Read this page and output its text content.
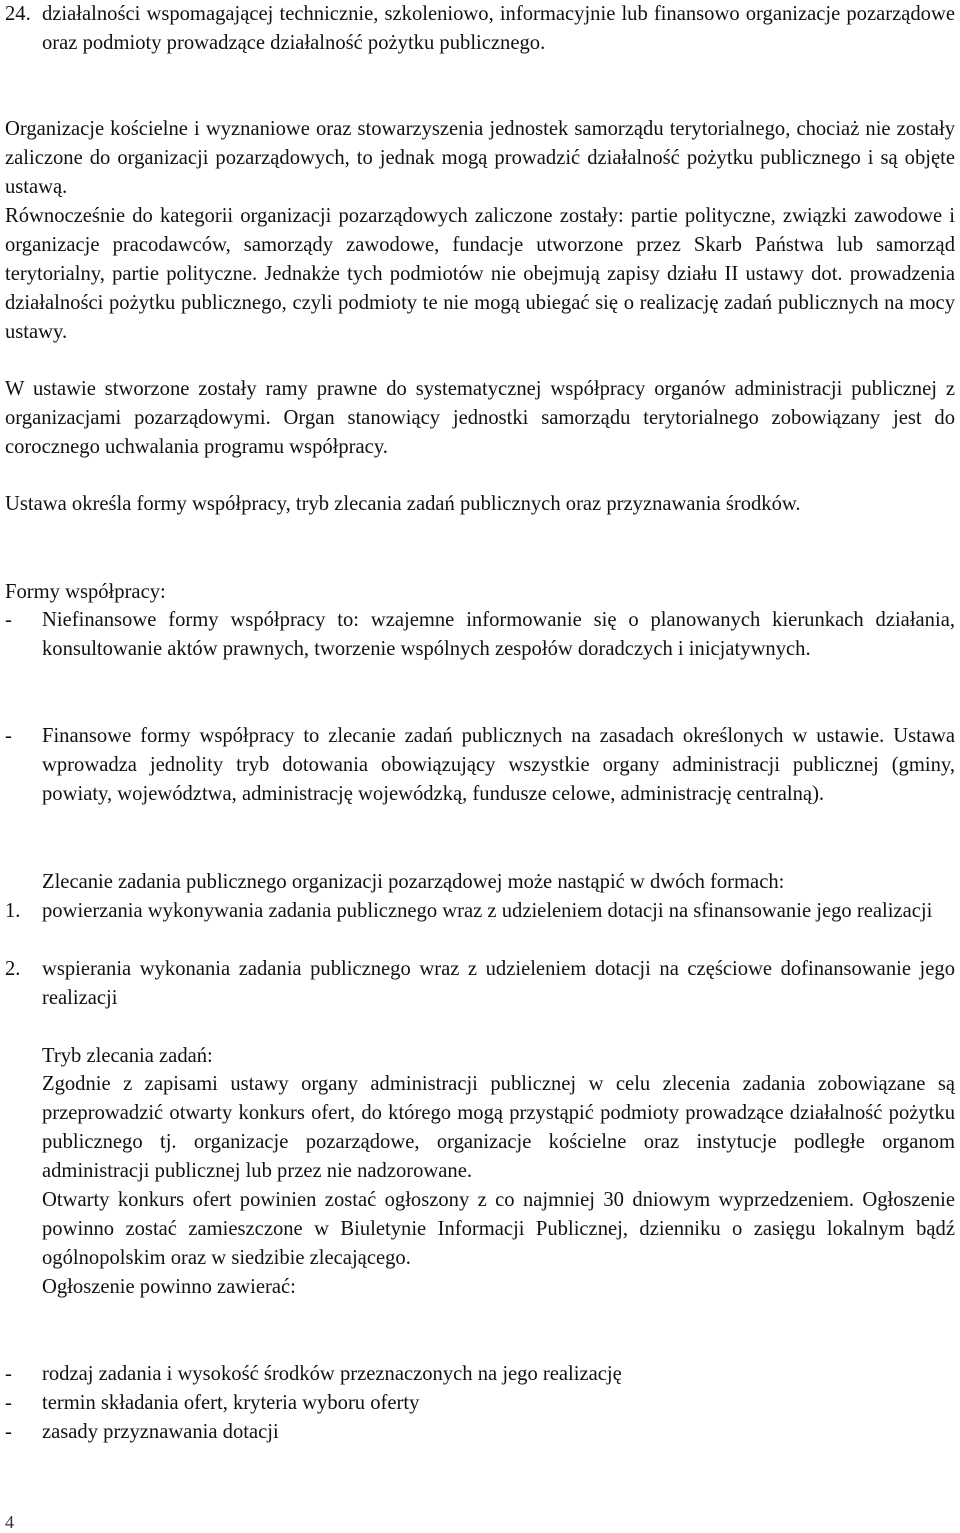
24. działalności wspomagającej technicznie, szkoleniowo, informacyjnie lub finansowo organizacje pozarządowe oraz podmioty prowadzące działalność pożytku publicznego.

Organizacje kościelne i wyznaniowe oraz stowarzyszenia jednostek samorządu terytorialnego, chociaż nie zostały zaliczone do organizacji pozarządowych, to jednak mogą prowadzić działalność pożytku publicznego i są objęte ustawą.

Równocześnie do kategorii organizacji pozarządowych zaliczone zostały: partie polityczne, związki zawodowe i organizacje pracodawców, samorządy zawodowe, fundacje utworzone przez Skarb Państwa lub samorząd terytorialny, partie polityczne. Jednakże tych podmiotów nie obejmują zapisy działu II ustawy dot. prowadzenia działalności pożytku publicznego, czyli podmioty te nie mogą ubiegać się o realizację zadań publicznych na mocy ustawy.

W ustawie stworzone zostały ramy prawne do systematycznej współpracy organów administracji publicznej z organizacjami pozarządowymi. Organ stanowiący jednostki samorządu terytorialnego zobowiązany jest do corocznego uchwalania programu współpracy.

Ustawa określa formy współpracy, tryb zlecania zadań publicznych oraz przyznawania środków.

Formy współpracy:

-	Niefinansowe formy współpracy to: wzajemne informowanie się o planowanych kierunkach działania, konsultowanie aktów prawnych, tworzenie wspólnych zespołów doradczych i inicjatywnych.

-	Finansowe formy współpracy to zlecanie zadań publicznych na zasadach określonych w ustawie. Ustawa wprowadza jednolity tryb dotowania obowiązujący wszystkie organy administracji publicznej (gminy, powiaty, województwa, administrację wojewódzką, fundusze celowe, administrację centralną).

Zlecanie zadania publicznego organizacji pozarządowej może nastąpić w dwóch formach:

1.	powierzania wykonywania zadania publicznego wraz z udzieleniem dotacji na sfinansowanie jego realizacji

2.	wspierania wykonania zadania publicznego wraz z udzieleniem dotacji na częściowe dofinansowanie jego realizacji

Tryb zlecania zadań:

Zgodnie z zapisami ustawy organy administracji publicznej w celu zlecenia zadania zobowiązane są przeprowadzić otwarty konkurs ofert, do którego mogą przystąpić podmioty prowadzące działalność pożytku publicznego tj. organizacje pozarządowe, organizacje kościelne oraz instytucje podległe organom administracji publicznej lub przez nie nadzorowane.

Otwarty konkurs ofert powinien zostać ogłoszony z co najmniej 30 dniowym wyprzedzeniem. Ogłoszenie powinno zostać zamieszczone w Biuletynie Informacji Publicznej, dzienniku o zasięgu lokalnym bądź ogólnopolskim oraz w siedzibie zlecającego.

Ogłoszenie powinno zawierać:

-	rodzaj zadania i wysokość środków przeznaczonych na jego realizację

-	termin składania ofert, kryteria wyboru oferty

-	zasady przyznawania dotacji

4
